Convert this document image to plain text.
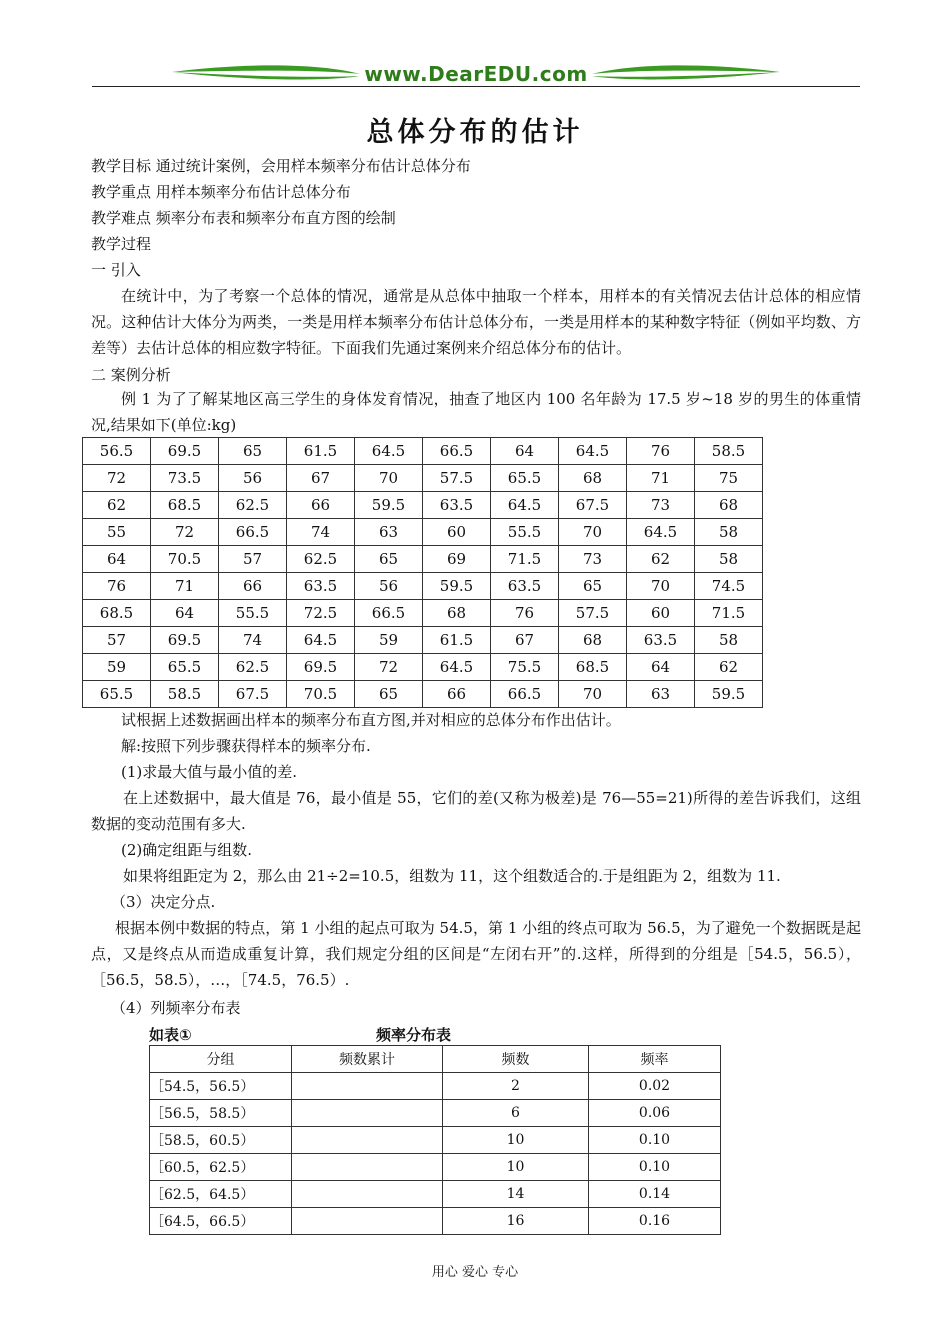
www.DearEDU.com
总体分布的估计
教学目标 通过统计案例，会用样本频率分布估计总体分布
教学重点 用样本频率分布估计总体分布
教学难点 频率分布表和频率分布直方图的绘制
教学过程
一 引入
在统计中，为了考察一个总体的情况，通常是从总体中抽取一个样本，用样本的有关情况去估计总体的相应情况。这种估计大体分为两类，一类是用样本频率分布估计总体分布，一类是用样本的某种数字特征（例如平均数、方差等）去估计总体的相应数字特征。下面我们先通过案例来介绍总体分布的估计。
二 案例分析
例 1 为了了解某地区高三学生的身体发育情况，抽查了地区内 100 名年龄为 17.5 岁~18 岁的男生的体重情况,结果如下(单位:kg)
56.5	69.5	65	61.5	64.5	66.5	64	64.5	76	58.5
72	73.5	56	67	70	57.5	65.5	68	71	75
62	68.5	62.5	66	59.5	63.5	64.5	67.5	73	68
55	72	66.5	74	63	60	55.5	70	64.5	58
64	70.5	57	62.5	65	69	71.5	73	62	58
76	71	66	63.5	56	59.5	63.5	65	70	74.5
68.5	64	55.5	72.5	66.5	68	76	57.5	60	71.5
57	69.5	74	64.5	59	61.5	67	68	63.5	58
59	65.5	62.5	69.5	72	64.5	75.5	68.5	64	62
65.5	58.5	67.5	70.5	65	66	66.5	70	63	59.5
试根据上述数据画出样本的频率分布直方图,并对相应的总体分布作出估计。
解:按照下列步骤获得样本的频率分布.
(1)求最大值与最小值的差.
在上述数据中，最大值是 76，最小值是 55，它们的差(又称为极差)是 76—55=21)所得的差告诉我们，这组数据的变动范围有多大.
(2)确定组距与组数.
如果将组距定为 2，那么由 21÷2=10.5，组数为 11，这个组数适合的.于是组距为 2，组数为 11.
（3）决定分点.
根据本例中数据的特点，第 1 小组的起点可取为 54.5，第 1 小组的终点可取为 56.5，为了避免一个数据既是起点，又是终点从而造成重复计算，我们规定分组的区间是“左闭右开”的.这样，所得到的分组是［54.5，56.5），［56.5，58.5），…，［74.5，76.5）.
（4）列频率分布表
如表①	频率分布表
分组	频数累计	频数	频率
［54.5，56.5）		2	0.02
［56.5，58.5）		6	0.06
［58.5，60.5）		10	0.10
［60.5，62.5）		10	0.10
［62.5，64.5）		14	0.14
［64.5，66.5）		16	0.16
用心 爱心 专心
